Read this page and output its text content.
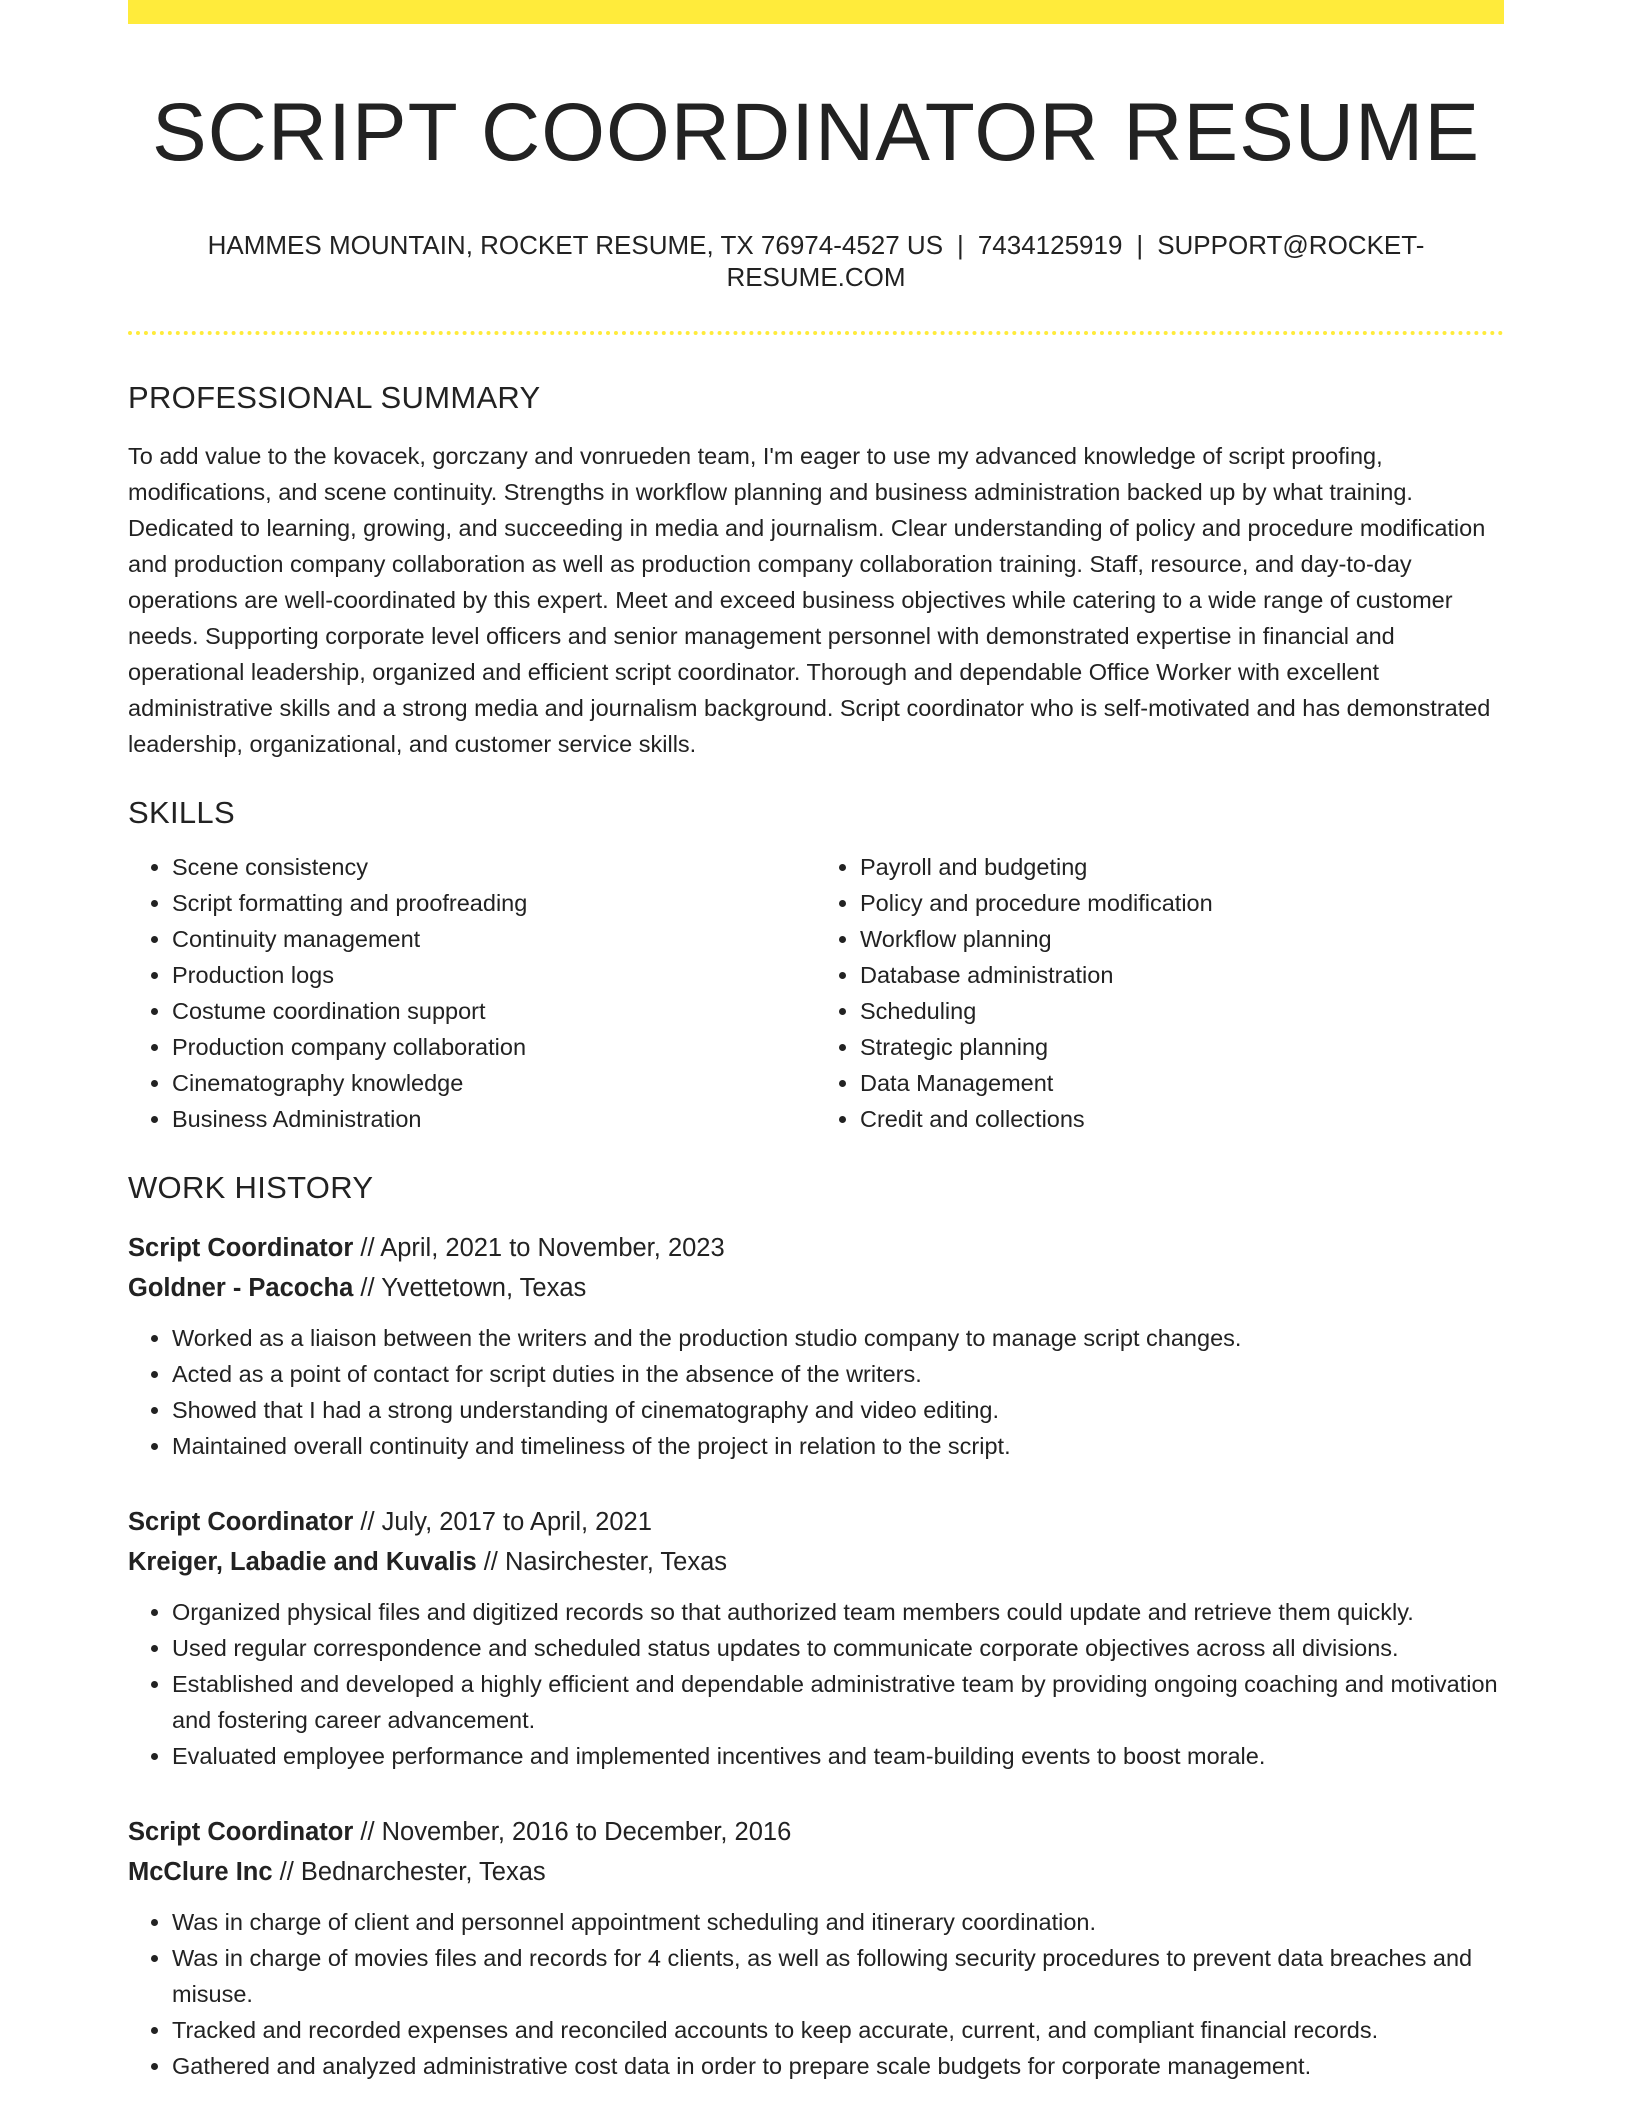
SCRIPT COORDINATOR RESUME
HAMMES MOUNTAIN, ROCKET RESUME, TX 76974-4527 US | 7434125919 | SUPPORT@ROCKET-RESUME.COM
PROFESSIONAL SUMMARY

To add value to the kovacek, gorczany and vonrueden team, I'm eager to use my advanced knowledge of script proofing, modifications, and scene continuity. Strengths in workflow planning and business administration backed up by what training. Dedicated to learning, growing, and succeeding in media and journalism. Clear understanding of policy and procedure modification and production company collaboration as well as production company collaboration training. Staff, resource, and day-to-day operations are well-coordinated by this expert. Meet and exceed business objectives while catering to a wide range of customer needs. Supporting corporate level officers and senior management personnel with demonstrated expertise in financial and operational leadership, organized and efficient script coordinator. Thorough and dependable Office Worker with excellent administrative skills and a strong media and journalism background. Script coordinator who is self-motivated and has demonstrated leadership, organizational, and customer service skills.

SKILLS
• Scene consistency
• Script formatting and proofreading
• Continuity management
• Production logs
• Costume coordination support
• Production company collaboration
• Cinematography knowledge
• Business Administration
• Payroll and budgeting
• Policy and procedure modification
• Workflow planning
• Database administration
• Scheduling
• Strategic planning
• Data Management
• Credit and collections
WORK HISTORY
Script Coordinator // April, 2021 to November, 2023
Goldner - Pacocha // Yvettetown, Texas
• Worked as a liaison between the writers and the production studio company to manage script changes.
• Acted as a point of contact for script duties in the absence of the writers.
• Showed that I had a strong understanding of cinematography and video editing.
• Maintained overall continuity and timeliness of the project in relation to the script.
Script Coordinator // July, 2017 to April, 2021
Kreiger, Labadie and Kuvalis // Nasirchester, Texas
• Organized physical files and digitized records so that authorized team members could update and retrieve them quickly.
• Used regular correspondence and scheduled status updates to communicate corporate objectives across all divisions.
• Established and developed a highly efficient and dependable administrative team by providing ongoing coaching and motivation and fostering career advancement.
• Evaluated employee performance and implemented incentives and team-building events to boost morale.
Script Coordinator // November, 2016 to December, 2016
McClure Inc // Bednarchester, Texas
• Was in charge of client and personnel appointment scheduling and itinerary coordination.
• Was in charge of movies files and records for 4 clients, as well as following security procedures to prevent data breaches and misuse.
• Tracked and recorded expenses and reconciled accounts to keep accurate, current, and compliant financial records.
• Gathered and analyzed administrative cost data in order to prepare scale budgets for corporate management.
